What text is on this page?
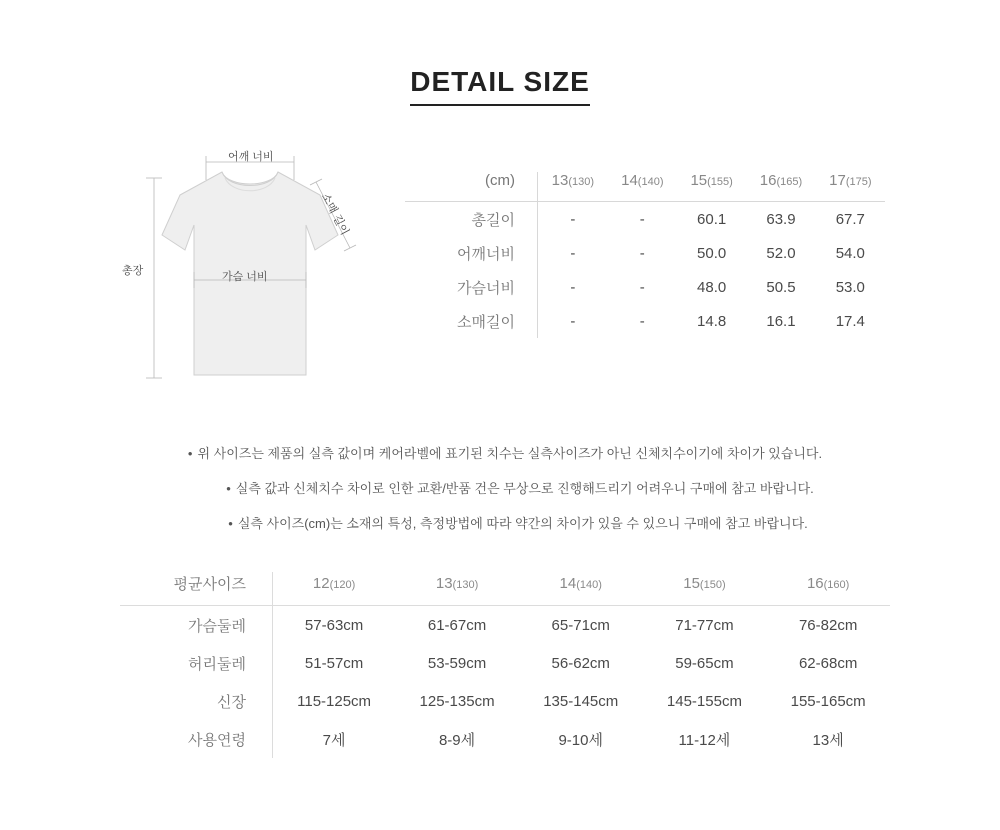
DETAIL SIZE
어깨 너비
가슴 너비
총장
소매 길이
(cm)	13(130)	14(140)	15(155)	16(165)	17(175)
총길이	-	-	60.1	63.9	67.7
어깨너비	-	-	50.0	52.0	54.0
가슴너비	-	-	48.0	50.5	53.0
소매길이	-	-	14.8	16.1	17.4

• 위 사이즈는 제품의 실측 값이며 케어라벨에 표기된 치수는 실측사이즈가 아닌 신체치수이기에 차이가 있습니다.

• 실측 값과 신체치수 차이로 인한 교환/반품 건은 무상으로 진행해드리기 어려우니 구매에 참고 바랍니다.

• 실측 사이즈(cm)는 소재의 특성, 측정방법에 따라 약간의 차이가 있을 수 있으니 구매에 참고 바랍니다.

평균사이즈	12(120)	13(130)	14(140)	15(150)	16(160)
가슴둘레	57-63cm	61-67cm	65-71cm	71-77cm	76-82cm
허리둘레	51-57cm	53-59cm	56-62cm	59-65cm	62-68cm
신장	115-125cm	125-135cm	135-145cm	145-155cm	155-165cm
사용연령	7세	8-9세	9-10세	11-12세	13세
